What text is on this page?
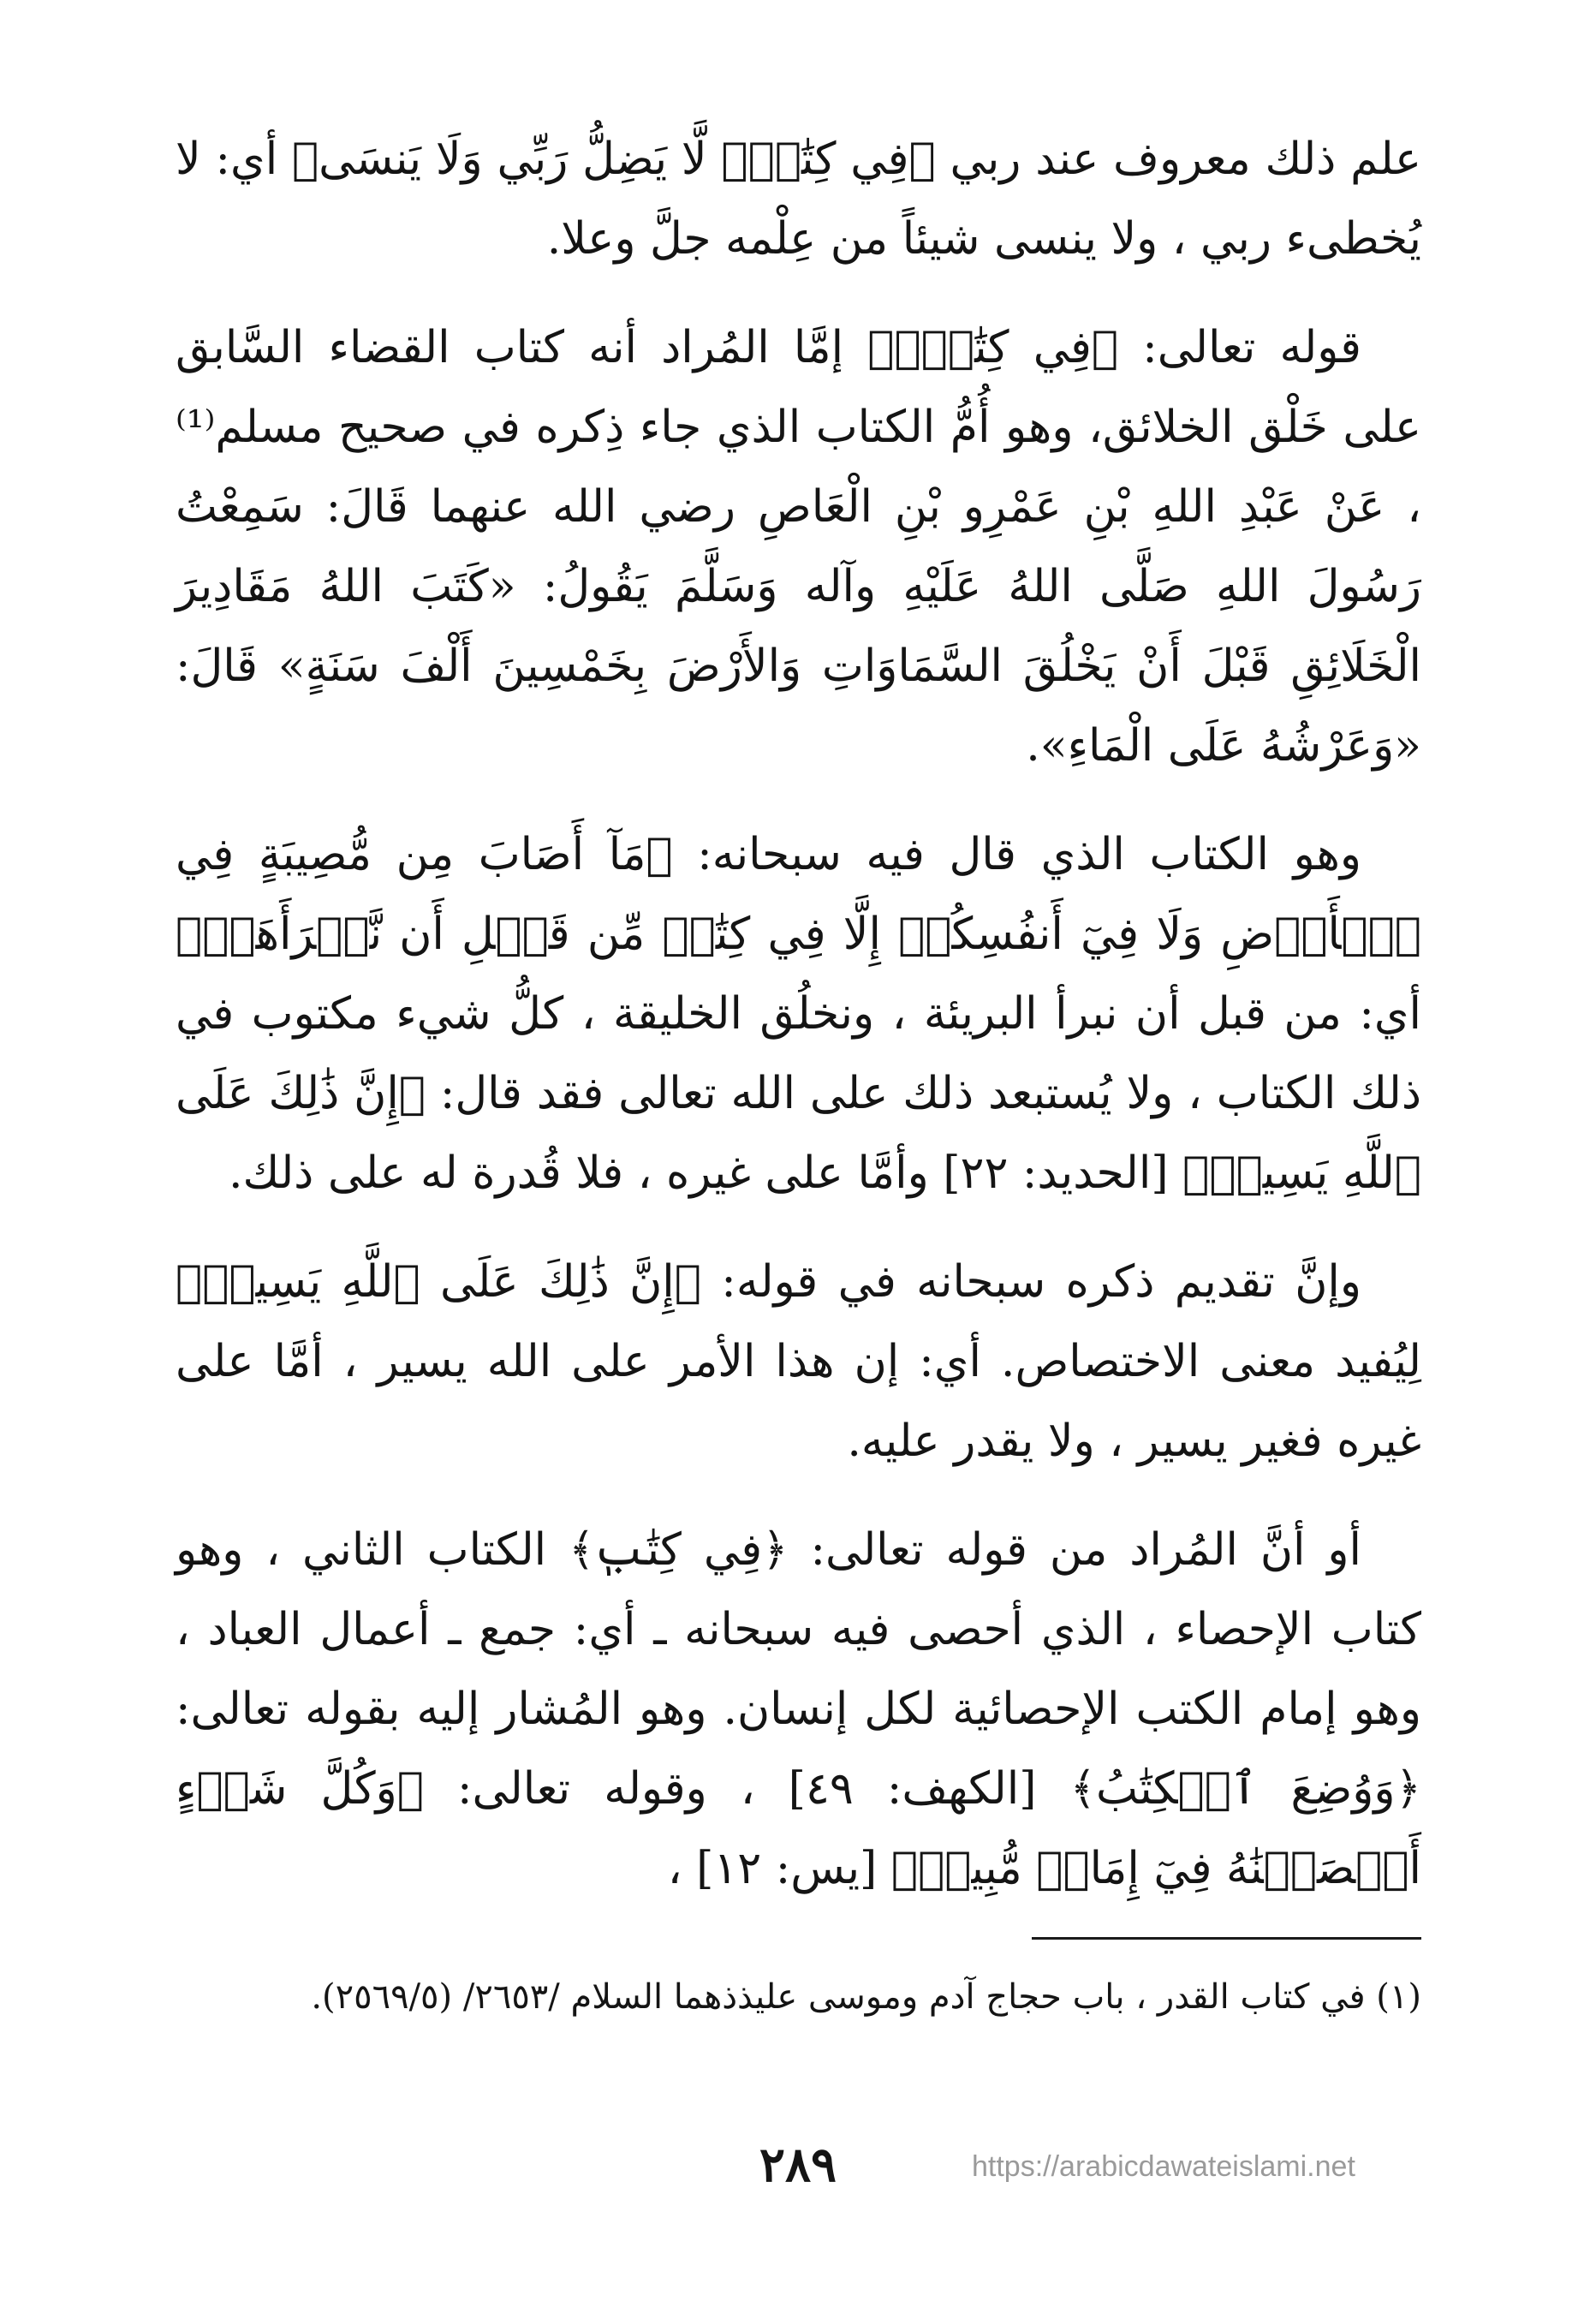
علم ذلك معروف عند ربي ﴿فِي كِتَٰبٍۖ لَّا يَضِلُّ رَبِّي وَلَا يَنسَى﴾ أي: لا يُخطىء ربي ، ولا ينسى شيئاً من عِلْمه جلَّ وعلا.

قوله تعالى: ﴿فِي كِتَٰبٍۖ﴾ إمَّا المُراد أنه كتاب القضاء السَّابق على خَلْق الخلائق، وهو أُمُّ الكتاب الذي جاء ذِكره في صحيح مسلم⁽¹⁾ ، عَنْ عَبْدِ اللهِ بْنِ عَمْرِو بْنِ الْعَاصِ رضي الله عنهما قَالَ: سَمِعْتُ رَسُولَ اللهِ صَلَّى اللهُ عَلَيْهِ وآله وَسَلَّمَ يَقُولُ: «كَتَبَ اللهُ مَقَادِيرَ الْخَلَائِقِ قَبْلَ أَنْ يَخْلُقَ السَّمَاوَاتِ وَالأَرْضَ بِخَمْسِينَ أَلْفَ سَنَةٍ» قَالَ: «وَعَرْشُهُ عَلَى الْمَاءِ».

وهو الكتاب الذي قال فيه سبحانه: ﴿مَآ أَصَابَ مِن مُّصِيبَةٍ فِي ٱلۡأَرۡضِ وَلَا فِيٓ أَنفُسِكُمۡ إِلَّا فِي كِتَٰبٖ مِّن قَبۡلِ أَن نَّبۡرَأَهَآۚ﴾ أي: من قبل أن نبرأ البريئة ، ونخلُق الخليقة ، كلُّ شيء مكتوب في ذلك الكتاب ، ولا يُستبعد ذلك على الله تعالى فقد قال: ﴿إِنَّ ذَٰلِكَ عَلَى ٱللَّهِ يَسِيرٞ﴾ [الحديد: ٢٢] وأمَّا على غيره ، فلا قُدرة له على ذلك.

وإنَّ تقديم ذكره سبحانه في قوله: ﴿إِنَّ ذَٰلِكَ عَلَى ٱللَّهِ يَسِيرٞ﴾ لِيُفيد معنى الاختصاص. أي: إن هذا الأمر على الله يسير ، أمَّا على غيره فغير يسير ، ولا يقدر عليه.

أو أنَّ المُراد من قوله تعالى: ﴿فِي كِتَٰبٖ﴾ الكتاب الثاني ، وهو كتاب الإحصاء ، الذي أحصى فيه سبحانه ـ أي: جمع ـ أعمال العباد ، وهو إمام الكتب الإحصائية لكل إنسان. وهو المُشار إليه بقوله تعالى: ﴿وَوُضِعَ ٱلۡكِتَٰبُ﴾ [الكهف: ٤٩] ، وقوله تعالى: ﴿وَكُلَّ شَيۡءٍ أَحۡصَيۡنَٰهُ فِيٓ إِمَامٖ مُّبِينٖ﴾ [يس: ١٢] ،

(١) في كتاب القدر ، باب حجاج آدم وموسى عليذذهما السلام /٢٦٥٣/ (٢٥٦٩/٥).
٢٨٩	https://arabicdawateislami.net
